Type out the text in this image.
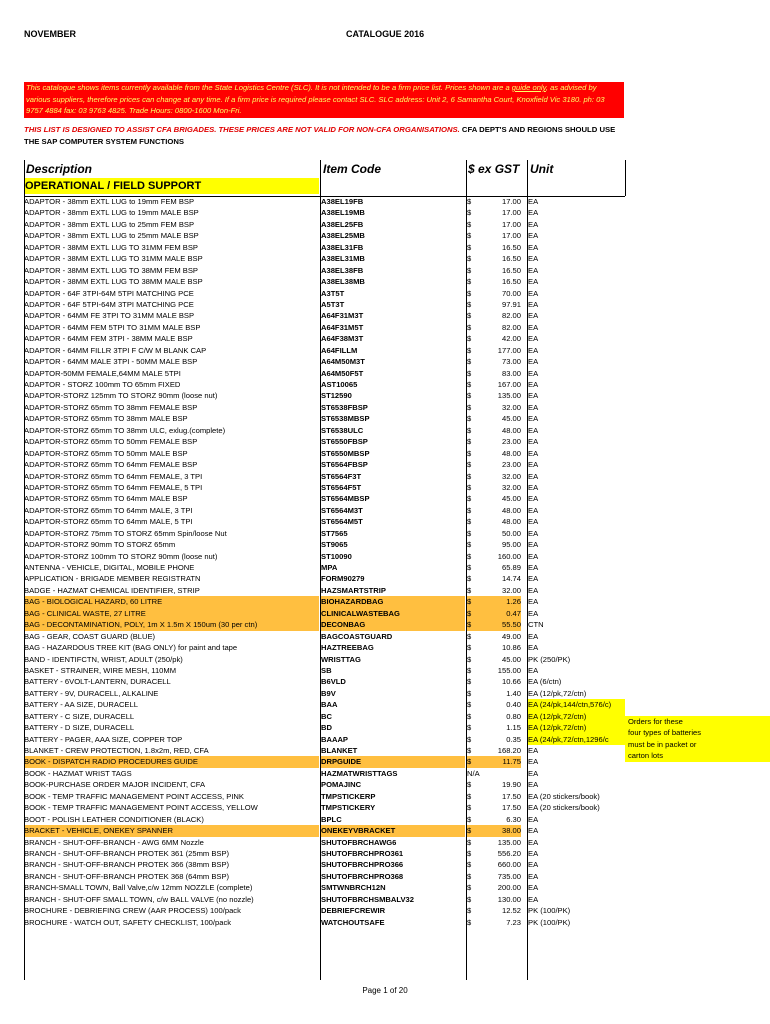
NOVEMBER	CATALOGUE 2016
This catalogue shows items currently available from the State Logistics Centre (SLC). It is not intended to be a firm price list. Prices shown are a guide only, as advised by various suppliers, therefore prices can change at any time. If a firm price is required please contact SLC. SLC address: Unit 2, 6 Samantha Court, Knoxfield Vic 3180. ph: 03 9757 4884 fax: 03 9763 4825. Trade Hours: 0800-1600 Mon-Fri.
THIS LIST IS DESIGNED TO ASSIST CFA BRIGADES. THESE PRICES ARE NOT VALID FOR NON-CFA ORGANISATIONS. CFA DEPT'S AND REGIONS SHOULD USE THE SAP COMPUTER SYSTEM FUNCTIONS
Description	Item Code	$ ex GST Unit
OPERATIONAL / FIELD SUPPORT
ADAPTOR - 38mm EXTL LUG to 19mm FEM BSP	A38EL19FB	$	17.00 EA
ADAPTOR - 38mm EXTL LUG to 19mm MALE BSP	A38EL19MB	$	17.00 EA
ADAPTOR - 38mm EXTL LUG to 25mm FEM BSP	A38EL25FB	$	17.00 EA
ADAPTOR - 38mm EXTL LUG to 25mm MALE BSP	A38EL25MB	$	17.00 EA
ADAPTOR - 38MM EXTL LUG TO 31MM FEM BSP	A38EL31FB	$	16.50 EA
ADAPTOR - 38MM EXTL LUG TO 31MM MALE BSP	A38EL31MB	$	16.50 EA
ADAPTOR - 38MM EXTL LUG TO 38MM FEM BSP	A38EL38FB	$	16.50 EA
ADAPTOR - 38MM EXTL LUG TO 38MM MALE BSP	A38EL38MB	$	16.50 EA
ADAPTOR - 64F 3TPI-64M 5TPI MATCHING PCE	A3T5T	$	70.00 EA
ADAPTOR - 64F 5TPI-64M 3TPI MATCHING PCE	A5T3T	$	97.91 EA
ADAPTOR - 64MM FE 3TPI TO 31MM MALE BSP	A64F31M3T	$	82.00 EA
ADAPTOR - 64MM FEM 5TPI TO 31MM MALE BSP	A64F31M5T	$	82.00 EA
ADAPTOR - 64MM FEM 3TPI - 38MM MALE BSP	A64F38M3T	$	42.00 EA
ADAPTOR - 64MM FILLR 3TPI F C/W M BLANK CAP	A64FILLM	$	177.00 EA
ADAPTOR - 64MM MALE 3TPI - 50MM MALE BSP	A64M50M3T	$	73.00 EA
ADAPTOR-50MM FEMALE,64MM MALE 5TPI	A64M50F5T	$	83.00 EA
ADAPTOR - STORZ 100mm TO 65mm FIXED	AST10065	$	167.00 EA
ADAPTOR-STORZ 125mm TO STORZ 90mm (loose nut)	ST12590	$	135.00 EA
ADAPTOR-STORZ 65mm TO 38mm FEMALE BSP	ST6538FBSP	$	32.00 EA
ADAPTOR-STORZ 65mm TO 38mm MALE BSP	ST6538MBSP	$	45.00 EA
ADAPTOR-STORZ 65mm TO 38mm ULC, exlug.(complete)	ST6538ULC	$	48.00 EA
ADAPTOR-STORZ 65mm TO 50mm FEMALE BSP	ST6550FBSP	$	23.00 EA
ADAPTOR-STORZ 65mm TO 50mm MALE BSP	ST6550MBSP	$	48.00 EA
ADAPTOR-STORZ 65mm TO 64mm FEMALE BSP	ST6564FBSP	$	23.00 EA
ADAPTOR-STORZ 65mm TO 64mm FEMALE, 3 TPI	ST6564F3T	$	32.00 EA
ADAPTOR-STORZ 65mm TO 64mm FEMALE, 5 TPI	ST6564F5T	$	32.00 EA
ADAPTOR-STORZ 65mm TO 64mm MALE BSP	ST6564MBSP	$	45.00 EA
ADAPTOR-STORZ 65mm TO 64mm MALE, 3 TPI	ST6564M3T	$	48.00 EA
ADAPTOR-STORZ 65mm TO 64mm MALE, 5 TPI	ST6564M5T	$	48.00 EA
ADAPTOR-STORZ 75mm TO STORZ 65mm Spin/loose Nut	ST7565	$	50.00 EA
ADAPTOR-STORZ 90mm TO STORZ 65mm	ST9065	$	95.00 EA
ADAPTOR-STORZ 100mm TO STORZ 90mm (loose nut)	ST10090	$	160.00 EA
ANTENNA - VEHICLE, DIGITAL, MOBILE PHONE	MPA	$	65.89 EA
APPLICATION - BRIGADE MEMBER REGISTRATN	FORM90279	$	14.74 EA
BADGE - HAZMAT CHEMICAL IDENTIFIER, STRIP	HAZSMARTSTRIP	$	32.00 EA
BAG - BIOLOGICAL HAZARD, 60 LITRE	BIOHAZARDBAG	$	1.26 EA
BAG - CLINICAL WASTE, 27 LITRE	CLINICALWASTEBAG	$	0.47 EA
BAG - DECONTAMINATION, POLY, 1m X 1.5m X 150um (30 per ctn)	DECONBAG	$	55.50 CTN
BAG - GEAR, COAST GUARD (BLUE)	BAGCOASTGUARD	$	49.00 EA
BAG - HAZARDOUS TREE KIT (BAG ONLY) for paint and tape	HAZTREEBAG	$	10.86 EA
BAND - IDENTIFCTN, WRIST, ADULT (250/pk)	WRISTTAG	$	45.00 PK (250/PK)
BASKET - STRAINER, WIRE MESH, 110MM	SB	$	155.00 EA
BATTERY - 6VOLT-LANTERN, DURACELL	B6VLD	$	10.66 EA (6/ctn)
BATTERY - 9V, DURACELL, ALKALINE	B9V	$	1.40 EA (12/pk,72/ctn)
BATTERY - AA SIZE, DURACELL	BAA	$	0.40 EA (24/pk,144/ctn,576/c)
BATTERY - C SIZE, DURACELL	BC	$	0.80 EA (12/pk,72/ctn)
BATTERY - D SIZE, DURACELL	BD	$	1.15 EA (12/pk,72/ctn)
BATTERY - PAGER, AAA SIZE, COPPER TOP	BAAAP	$	0.35 EA (24/pk,72/ctn,1296/c
BLANKET - CREW PROTECTION, 1.8x2m, RED, CFA	BLANKET	$	168.20 EA
BOOK - DISPATCH RADIO PROCEDURES GUIDE	DRPGUIDE	$	11.75 EA
BOOK - HAZMAT WRIST TAGS	HAZMATWRISTTAGS	N/A	EA
BOOK-PURCHASE ORDER MAJOR INCIDENT, CFA	POMAJINC	$	19.90 EA
BOOK - TEMP TRAFFIC MANAGEMENT POINT ACCESS, PINK	TMPSTICKERP	$	17.50 EA (20 stickers/book)
BOOK - TEMP TRAFFIC MANAGEMENT POINT ACCESS, YELLOW	TMPSTICKERY	$	17.50 EA (20 stickers/book)
BOOT - POLISH LEATHER CONDITIONER (BLACK)	BPLC	$	6.30 EA
BRACKET - VEHICLE, ONEKEY SPANNER	ONEKEYVBRACKET	$	38.00 EA
BRANCH - SHUT-OFF-BRANCH - AWG 6MM Nozzle	SHUTOFBRCHAWG6	$	135.00 EA
BRANCH - SHUT-OFF-BRANCH PROTEK 361 (25mm BSP)	SHUTOFBRCHPRO361	$	556.20 EA
BRANCH - SHUT-OFF-BRANCH PROTEK 366 (38mm BSP)	SHUTOFBRCHPRO366	$	660.00 EA
BRANCH - SHUT-OFF-BRANCH PROTEK 368 (64mm BSP)	SHUTOFBRCHPRO368	$	735.00 EA
BRANCH-SMALL TOWN, Ball Valve,c/w 12mm NOZZLE (complete)	SMTWNBRCH12N	$	200.00 EA
BRANCH - SHUT-OFF SMALL TOWN, c/w BALL VALVE (no nozzle)	SHUTOFBRCHSMBALV32	$	130.00 EA
BROCHURE - DEBRIEFING CREW (AAR PROCESS) 100/pack	DEBRIEFCREWIR	$	12.52 PK (100/PK)
BROCHURE - WATCH OUT, SAFETY CHECKLIST, 100/pack	WATCHOUTSAFE	$	7.23 PK (100/PK)
Orders for these
four types of batteries
must be in packet or
carton lots
Page 1 of 20
